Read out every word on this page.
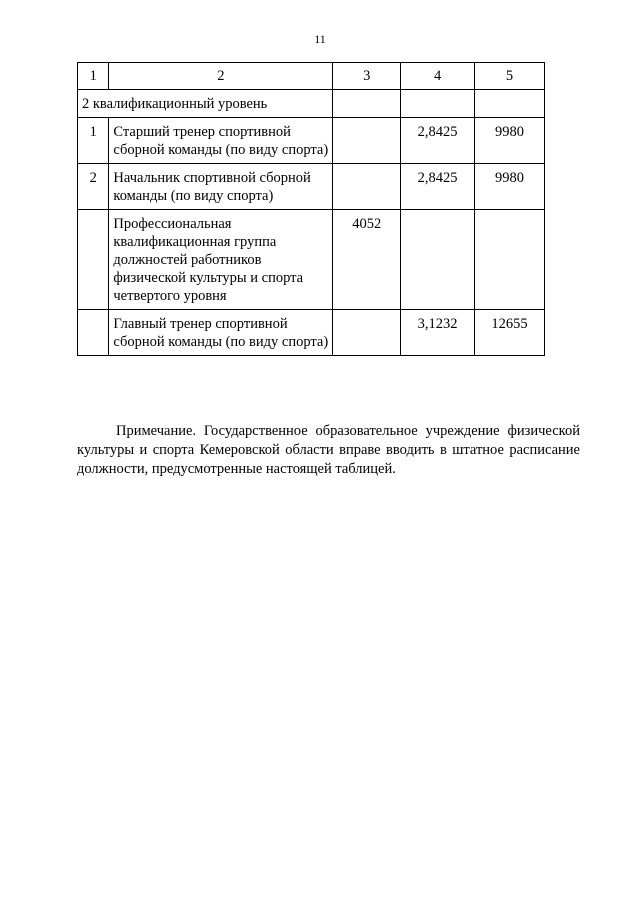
11
1	2	3	4	5
2 квалификационный уровень				
1	Старший тренер спортивной сборной команды (по виду спорта)		2,8425	9980
2	Начальник спортивной сборной команды (по виду спорта)		2,8425	9980
	Профессиональная квалификационная группа должностей работников физической культуры и спорта четвертого уровня	4052		
	Главный тренер спортивной сборной команды (по виду спорта)		3,1232	12655

Примечание. Государственное образовательное учреждение физической культуры и спорта Кемеровской области вправе вводить в штатное расписание должности, предусмотренные настоящей таблицей.
